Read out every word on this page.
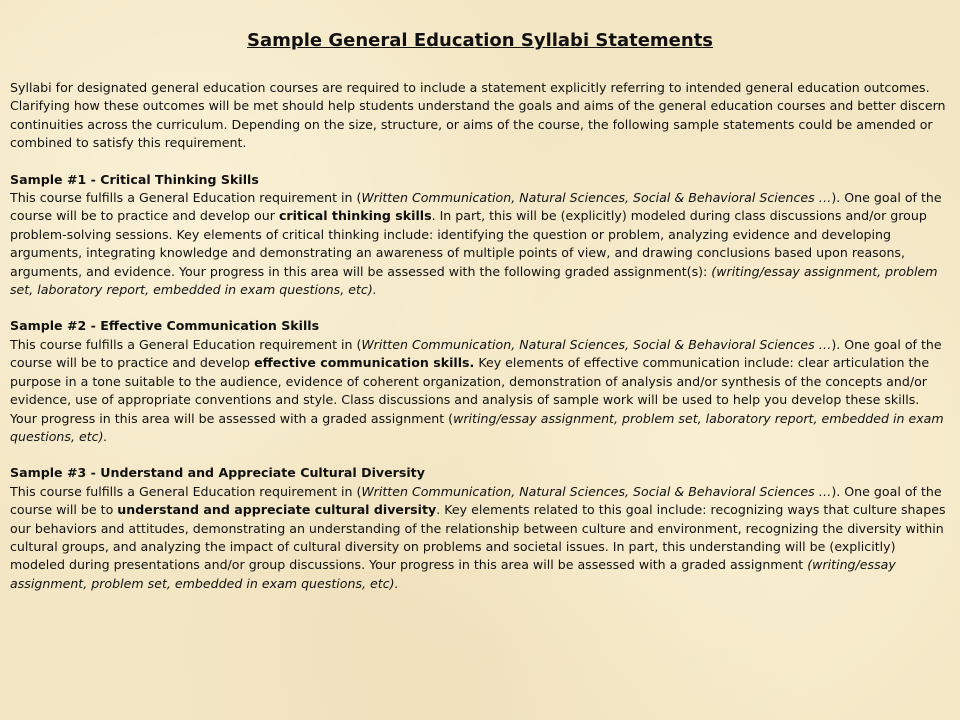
Sample General Education Syllabi Statements

Syllabi for designated general education courses are required to include a statement explicitly referring to intended general education outcomes. Clarifying how these outcomes will be met should help students understand the goals and aims of the general education courses and better discern continuities across the curriculum. Depending on the size, structure, or aims of the course, the following sample statements could be amended or combined to satisfy this requirement.

Sample #1 - Critical Thinking Skills

This course fulfills a General Education requirement in (Written Communication, Natural Sciences, Social & Behavioral Sciences …). One goal of the course will be to practice and develop our critical thinking skills. In part, this will be (explicitly) modeled during class discussions and/or group problem-solving sessions. Key elements of critical thinking include: identifying the question or problem, analyzing evidence and developing arguments, integrating knowledge and demonstrating an awareness of multiple points of view, and drawing conclusions based upon reasons, arguments, and evidence. Your progress in this area will be assessed with the following graded assignment(s): (writing/essay assignment, problem set, laboratory report, embedded in exam questions, etc).

Sample #2 - Effective Communication Skills

This course fulfills a General Education requirement in (Written Communication, Natural Sciences, Social & Behavioral Sciences …). One goal of the course will be to practice and develop effective communication skills. Key elements of effective communication include: clear articulation the purpose in a tone suitable to the audience, evidence of coherent organization, demonstration of analysis and/or synthesis of the concepts and/or evidence, use of appropriate conventions and style. Class discussions and analysis of sample work will be used to help you develop these skills. Your progress in this area will be assessed with a graded assignment (writing/essay assignment, problem set, laboratory report, embedded in exam questions, etc).

Sample #3 - Understand and Appreciate Cultural Diversity

This course fulfills a General Education requirement in (Written Communication, Natural Sciences, Social & Behavioral Sciences …). One goal of the course will be to understand and appreciate cultural diversity. Key elements related to this goal include: recognizing ways that culture shapes our behaviors and attitudes, demonstrating an understanding of the relationship between culture and environment, recognizing the diversity within cultural groups, and analyzing the impact of cultural diversity on problems and societal issues. In part, this understanding will be (explicitly) modeled during presentations and/or group discussions. Your progress in this area will be assessed with a graded assignment (writing/essay assignment, problem set, embedded in exam questions, etc).
